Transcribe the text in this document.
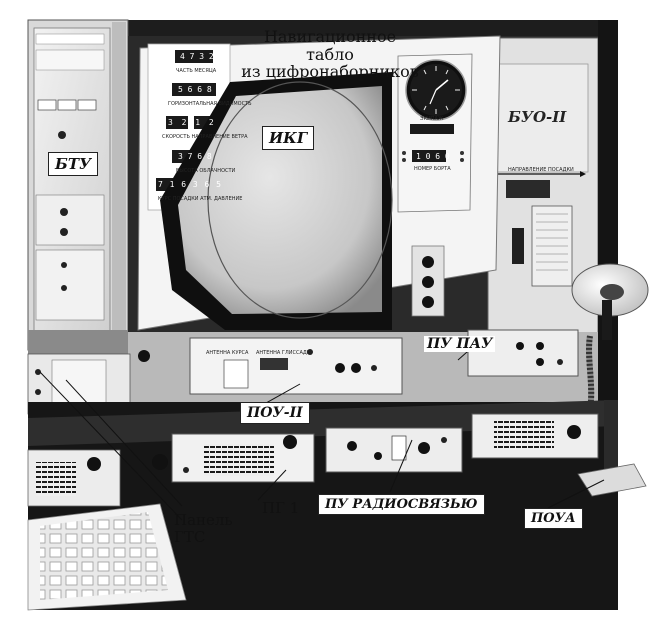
Навигационное табло
из цифронаборников
4 7 3 2
ЧАСТЬ МЕСЯЦА
5 6 6 8
ГОРИЗОНТАЛЬНАЯ ВИДИМОСТЬ
3 2 1 2
СКОРОСТЬ НАПРАВЛЕНИЕ ВЕТРА
3 7 6 8
ВЫСОТА ОБЛАЧНОСТИ
7 1 6 3 6 5
КУРС ПОСАДКИ АТМ. ДАВЛЕНИЕ
ЭКИПАЖ
1 0 6 0
НОМЕР БОРТА	НАПРАВЛЕНИЕ ПОСАДКИ
АНТЕННА КУРСА АНТЕННА ГЛИССАДЫ
ИКГ
БУО-II
БТУ
ПУ ПАУ
ПОУ-II
ПГ 1
Панель
ГТС
ПУ РАДИОСВЯЗЬЮ
ПОУА
